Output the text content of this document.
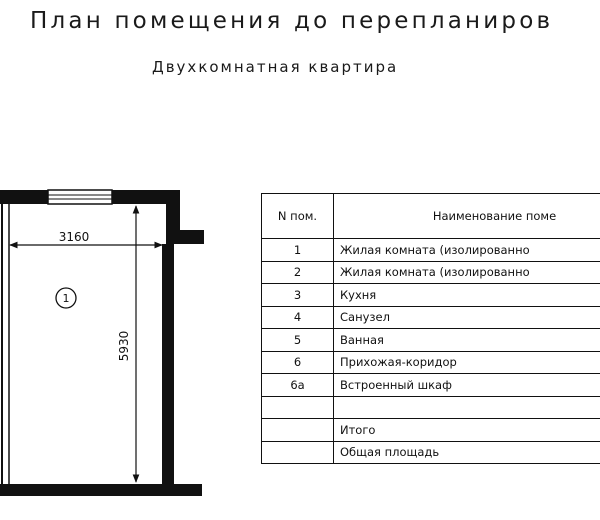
План помещения до перепланиров
Двухкомнатная квартира
3160
5930
1
N пом.	Наименование поме
1	Жилая комната (изолированно
2	Жилая комната (изолированно
3	Кухня
4	Санузел
5	Ванная
6	Прихожая-коридор
6а	Встроенный шкаф

	Итого
	Общая площадь
